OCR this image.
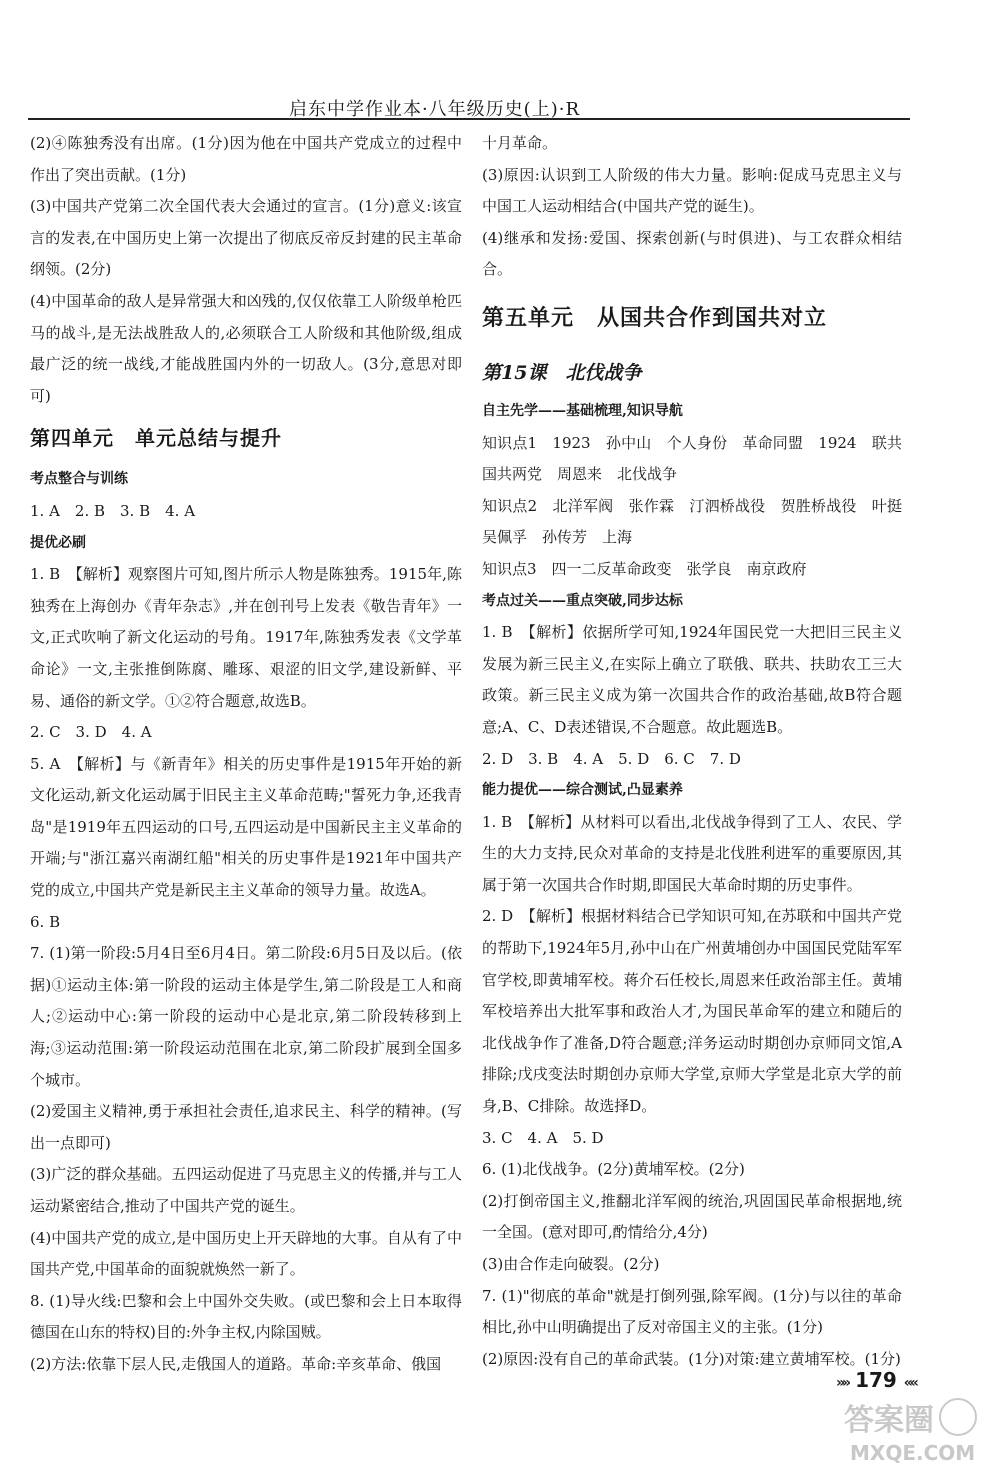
启东中学作业本·八年级历史(上)·R

(2)④陈独秀没有出席。(1分)因为他在中国共产党成立的过程中作出了突出贡献。(1分)

(3)中国共产党第二次全国代表大会通过的宣言。(1分)意义:该宣言的发表,在中国历史上第一次提出了彻底反帝反封建的民主革命纲领。(2分)

(4)中国革命的敌人是异常强大和凶残的,仅仅依靠工人阶级单枪匹马的战斗,是无法战胜敌人的,必须联合工人阶级和其他阶级,组成最广泛的统一战线,才能战胜国内外的一切敌人。(3分,意思对即可)

第四单元　单元总结与提升

考点整合与训练

1. A　2. B　3. B　4. A

提优必刷

1. B　【解析】观察图片可知,图片所示人物是陈独秀。1915年,陈独秀在上海创办《青年杂志》,并在创刊号上发表《敬告青年》一文,正式吹响了新文化运动的号角。1917年,陈独秀发表《文学革命论》一文,主张推倒陈腐、雕琢、艰涩的旧文学,建设新鲜、平易、通俗的新文学。①②符合题意,故选B。

2. C　3. D　4. A

5. A　【解析】与《新青年》相关的历史事件是1915年开始的新文化运动,新文化运动属于旧民主主义革命范畴;"誓死力争,还我青岛"是1919年五四运动的口号,五四运动是中国新民主主义革命的开端;与"浙江嘉兴南湖红船"相关的历史事件是1921年中国共产党的成立,中国共产党是新民主主义革命的领导力量。故选A。

6. B

7. (1)第一阶段:5月4日至6月4日。第二阶段:6月5日及以后。(依据)①运动主体:第一阶段的运动主体是学生,第二阶段是工人和商人;②运动中心:第一阶段的运动中心是北京,第二阶段转移到上海;③运动范围:第一阶段运动范围在北京,第二阶段扩展到全国多个城市。

(2)爱国主义精神,勇于承担社会责任,追求民主、科学的精神。(写出一点即可)

(3)广泛的群众基础。五四运动促进了马克思主义的传播,并与工人运动紧密结合,推动了中国共产党的诞生。

(4)中国共产党的成立,是中国历史上开天辟地的大事。自从有了中国共产党,中国革命的面貌就焕然一新了。

8. (1)导火线:巴黎和会上中国外交失败。(或巴黎和会上日本取得德国在山东的特权)目的:外争主权,内除国贼。

(2)方法:依靠下层人民,走俄国人的道路。革命:辛亥革命、俄国

十月革命。

(3)原因:认识到工人阶级的伟大力量。影响:促成马克思主义与中国工人运动相结合(中国共产党的诞生)。

(4)继承和发扬:爱国、探索创新(与时俱进)、与工农群众相结合。

第五单元　从国共合作到国共对立

第15课　北伐战争

自主先学——基础梳理,知识导航

知识点1　1923　孙中山　个人身份　革命同盟　1924　联共　国共两党　周恩来　北伐战争

知识点2　北洋军阀　张作霖　汀泗桥战役　贺胜桥战役　叶挺　吴佩孚　孙传芳　上海

知识点3　四一二反革命政变　张学良　南京政府

考点过关——重点突破,同步达标

1. B　【解析】依据所学可知,1924年国民党一大把旧三民主义发展为新三民主义,在实际上确立了联俄、联共、扶助农工三大政策。新三民主义成为第一次国共合作的政治基础,故B符合题意;A、C、D表述错误,不合题意。故此题选B。

2. D　3. B　4. A　5. D　6. C　7. D

能力提优——综合测试,凸显素养

1. B　【解析】从材料可以看出,北伐战争得到了工人、农民、学生的大力支持,民众对革命的支持是北伐胜利进军的重要原因,其属于第一次国共合作时期,即国民大革命时期的历史事件。

2. D　【解析】根据材料结合已学知识可知,在苏联和中国共产党的帮助下,1924年5月,孙中山在广州黄埔创办中国国民党陆军军官学校,即黄埔军校。蒋介石任校长,周恩来任政治部主任。黄埔军校培养出大批军事和政治人才,为国民革命军的建立和随后的北伐战争作了准备,D符合题意;洋务运动时期创办京师同文馆,A排除;戊戌变法时期创办京师大学堂,京师大学堂是北京大学的前身,B、C排除。故选择D。

3. C　4. A　5. D

6. (1)北伐战争。(2分)黄埔军校。(2分)

(2)打倒帝国主义,推翻北洋军阀的统治,巩固国民革命根据地,统一全国。(意对即可,酌情给分,4分)

(3)由合作走向破裂。(2分)

7. (1)"彻底的革命"就是打倒列强,除军阀。(1分)与以往的革命相比,孙中山明确提出了反对帝国主义的主张。(1分)

(2)原因:没有自己的革命武装。(1分)对策:建立黄埔军校。(1分)

»» 179 ««
答案圈
MXQE.COM
